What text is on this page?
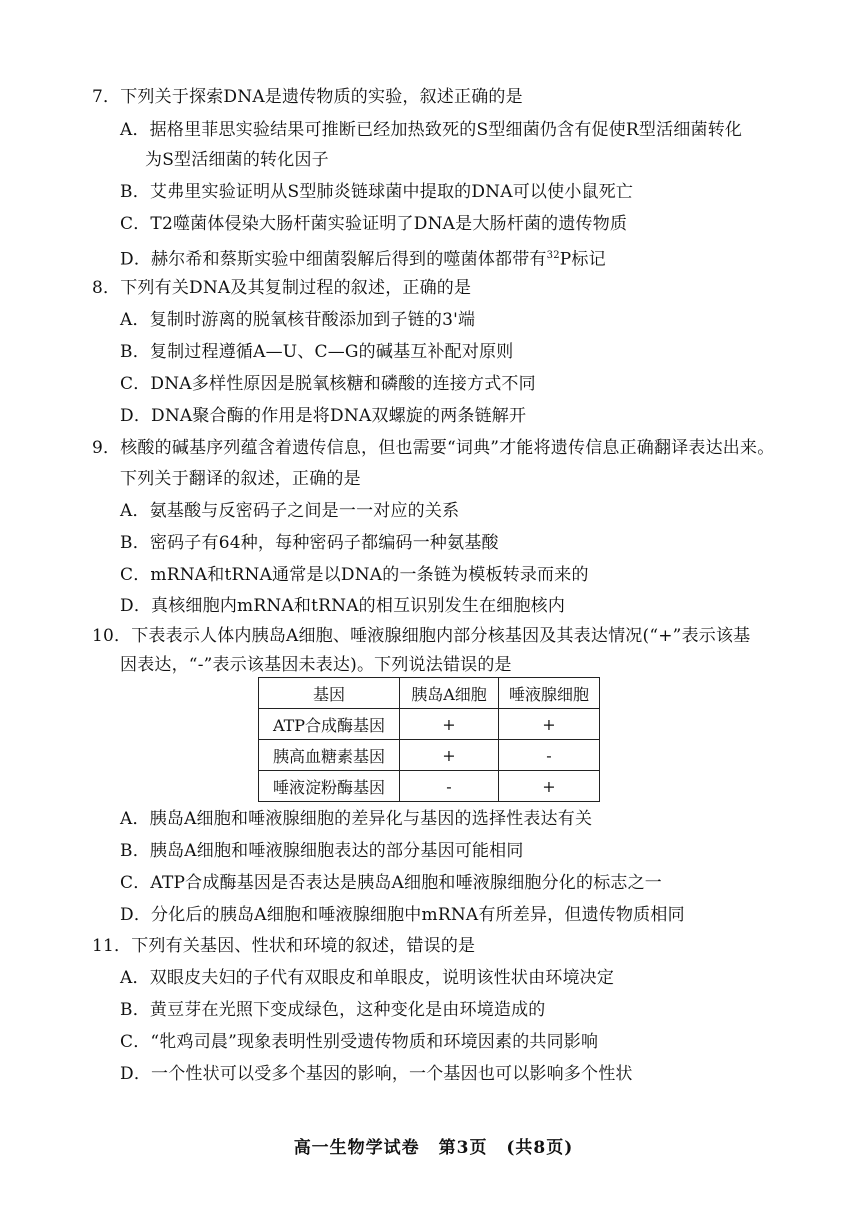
7．下列关于探索DNA是遗传物质的实验，叙述正确的是
A．据格里菲思实验结果可推断已经加热致死的S型细菌仍含有促使R型活细菌转化
为S型活细菌的转化因子
B．艾弗里实验证明从S型肺炎链球菌中提取的DNA可以使小鼠死亡
C．T2噬菌体侵染大肠杆菌实验证明了DNA是大肠杆菌的遗传物质
D．赫尔希和蔡斯实验中细菌裂解后得到的噬菌体都带有$^{32}$P标记
8．下列有关DNA及其复制过程的叙述，正确的是
A．复制时游离的脱氧核苷酸添加到子链的3'端
B．复制过程遵循A—U、C—G的碱基互补配对原则
C．DNA多样性原因是脱氧核糖和磷酸的连接方式不同
D．DNA聚合酶的作用是将DNA双螺旋的两条链解开
9．核酸的碱基序列蕴含着遗传信息，但也需要“词典”才能将遗传信息正确翻译表达出来。
下列关于翻译的叙述，正确的是
A．氨基酸与反密码子之间是一一对应的关系
B．密码子有64种，每种密码子都编码一种氨基酸
C．mRNA和tRNA通常是以DNA的一条链为模板转录而来的
D．真核细胞内mRNA和tRNA的相互识别发生在细胞核内
10．下表表示人体内胰岛A细胞、唾液腺细胞内部分核基因及其表达情况(“+”表示该基
因表达，“-”表示该基因未表达)。下列说法错误的是
基因	胰岛A细胞	唾液腺细胞
ATP合成酶基因	+	+
胰高血糖素基因	+	-
唾液淀粉酶基因	-	+
A．胰岛A细胞和唾液腺细胞的差异化与基因的选择性表达有关
B．胰岛A细胞和唾液腺细胞表达的部分基因可能相同
C．ATP合成酶基因是否表达是胰岛A细胞和唾液腺细胞分化的标志之一
D．分化后的胰岛A细胞和唾液腺细胞中mRNA有所差异，但遗传物质相同
11．下列有关基因、性状和环境的叙述，错误的是
A．双眼皮夫妇的子代有双眼皮和单眼皮，说明该性状由环境决定
B．黄豆芽在光照下变成绿色，这种变化是由环境造成的
C．“牝鸡司晨”现象表明性别受遗传物质和环境因素的共同影响
D．一个性状可以受多个基因的影响，一个基因也可以影响多个性状
高一生物学试卷 第3页 (共8页)
